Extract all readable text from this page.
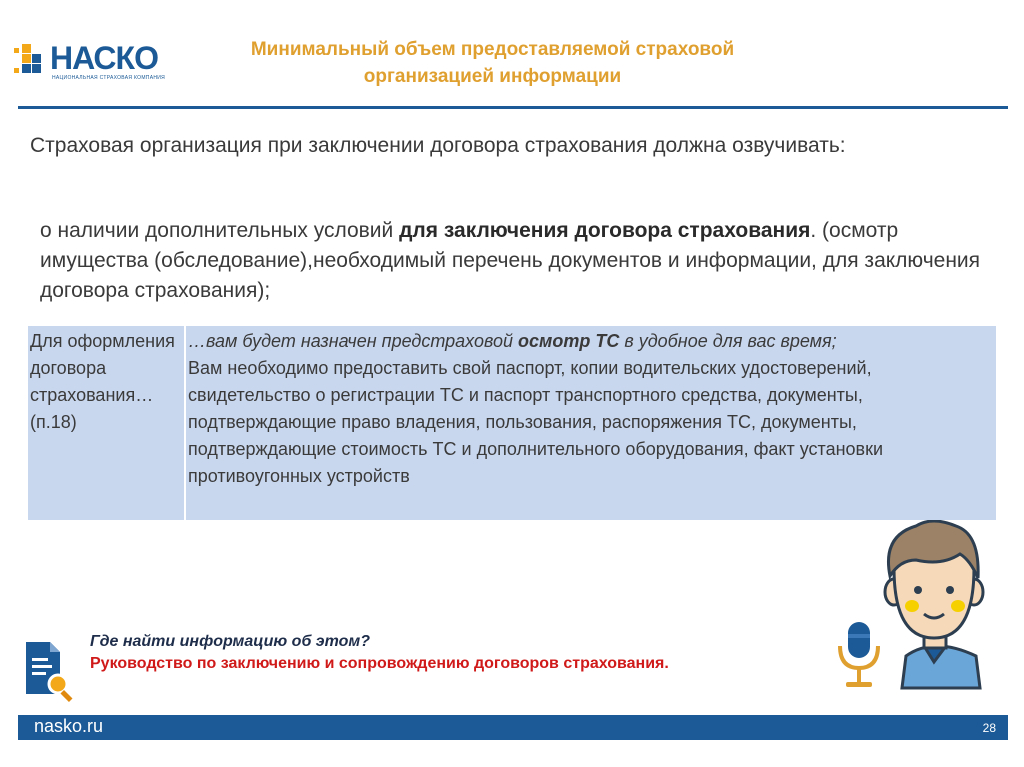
НАСКО
НАЦИОНАЛЬНАЯ СТРАХОВАЯ КОМПАНИЯ
Минимальный объем предоставляемой страховой организацией информации
Страховая организация при заключении договора страхования должна озвучивать:
о наличии дополнительных условий для заключения договора страхования. (осмотр имущества (обследование),необходимый перечень документов и информации, для заключения договора страхования);
Для оформления договора страхования… (п.18)
…вам будет назначен предстраховой осмотр ТС в удобное для вас время;
Вам необходимо предоставить свой паспорт, копии водительских удостоверений, свидетельство о регистрации ТС и паспорт транспортного средства, документы, подтверждающие право владения, пользования, распоряжения ТС, документы, подтверждающие стоимость ТС и дополнительного оборудования, факт установки противоугонных устройств
Где найти информацию об этом?
Руководство по заключению и сопровождению договоров страхования.
nasko.ru	28
